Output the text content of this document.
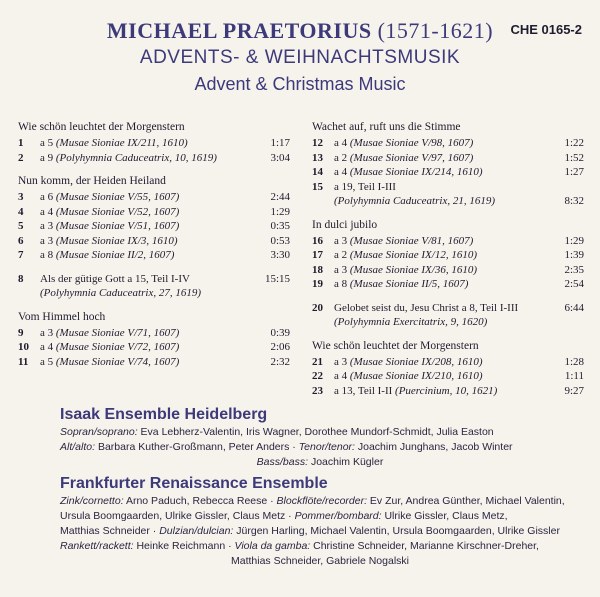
MICHAEL PRAETORIUS (1571-1621)
ADVENTS- & WEIHNACHTSMUSIK
Advent & Christmas Music
CHE 0165-2
Wie schön leuchtet der Morgenstern
1	a 5 (Musae Sioniae IX/211, 1610)	1:17
2	a 9 (Polyhymnia Caduceatrix, 10, 1619)	3:04
Nun komm, der Heiden Heiland
3	a 6 (Musae Sioniae V/55, 1607)	2:44
4	a 4 (Musae Sioniae V/52, 1607)	1:29
5	a 3 (Musae Sioniae V/51, 1607)	0:35
6	a 3 (Musae Sioniae IX/3, 1610)	0:53
7	a 8 (Musae Sioniae II/2, 1607)	3:30
8	Als der gütige Gott a 15, Teil I-IV	15:15
(Polyhymnia Caduceatrix, 27, 1619)
Vom Himmel hoch
9	a 3 (Musae Sioniae V/71, 1607)	0:39
10	a 4 (Musae Sioniae V/72, 1607)	2:06
11	a 5 (Musae Sioniae V/74, 1607)	2:32
Wachet auf, ruft uns die Stimme
12	a 4 (Musae Sioniae V/98, 1607)	1:22
13	a 2 (Musae Sioniae V/97, 1607)	1:52
14	a 4 (Musae Sioniae IX/214, 1610)	1:27
15	a 19, Teil I-III
(Polyhymnia Caduceatrix, 21, 1619)	8:32
In dulci jubilo
16	a 3 (Musae Sioniae V/81, 1607)	1:29
17	a 2 (Musae Sioniae IX/12, 1610)	1:39
18	a 3 (Musae Sioniae IX/36, 1610)	2:35
19	a 8 (Musae Sioniae II/5, 1607)	2:54
20	Gelobet seist du, Jesu Christ a 8, Teil I-III	6:44
(Polyhymnia Exercitatrix, 9, 1620)
Wie schön leuchtet der Morgenstern
21	a 3 (Musae Sioniae IX/208, 1610)	1:28
22	a 4 (Musae Sioniae IX/210, 1610)	1:11
23	a 13, Teil I-II (Puercinium, 10, 1621)	9:27
Isaak Ensemble Heidelberg
Sopran/soprano: Eva Lebherz-Valentin, Iris Wagner, Dorothee Mundorf-Schmidt, Julia Easton
Alt/alto: Barbara Kuther-Großmann, Peter Anders · Tenor/tenor: Joachim Junghans, Jacob Winter
Bass/bass: Joachim Kügler
Frankfurter Renaissance Ensemble
Zink/cornetto: Arno Paduch, Rebecca Reese · Blockflöte/recorder: Ev Zur, Andrea Günther, Michael Valentin,
Ursula Boomgaarden, Ulrike Gissler, Claus Metz · Pommer/bombard: Ulrike Gissler, Claus Metz,
Matthias Schneider · Dulzian/dulcian: Jürgen Harling, Michael Valentin, Ursula Boomgaarden, Ulrike Gissler
Rankett/rackett: Heinke Reichmann · Viola da gamba: Christine Schneider, Marianne Kirschner-Dreher,
Matthias Schneider, Gabriele Nogalski
